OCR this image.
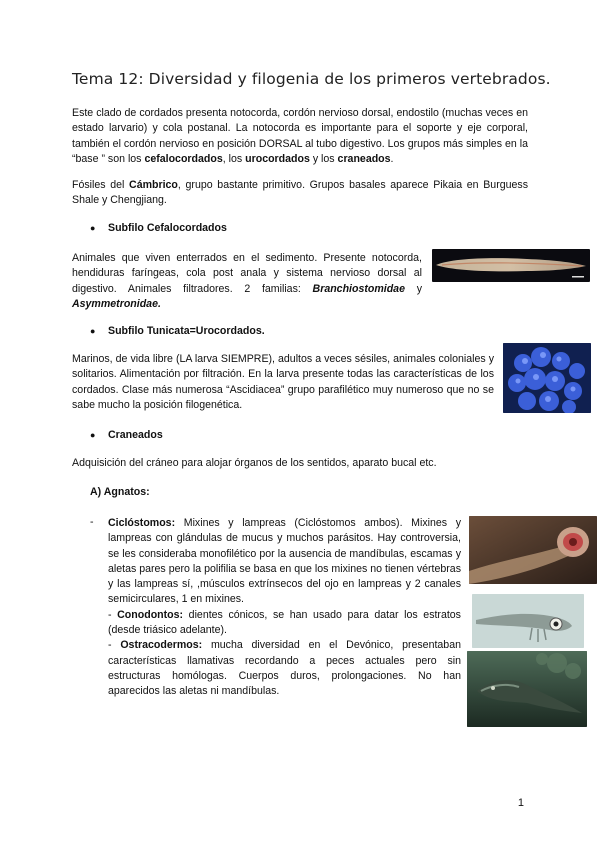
Tema 12: Diversidad y filogenia de los primeros vertebrados.

Este clado de cordados presenta notocorda, cordón nervioso dorsal, endostilo (muchas veces en estado larvario) y cola postanal. La notocorda es importante para el soporte y eje corporal, también el cordón nervioso en posición DORSAL al tubo digestivo. Los grupos más simples en la “base ” son los cefalocordados, los urocordados y los craneados.

Fósiles del Cámbrico, grupo bastante primitivo. Grupos basales aparece Pikaia en Burguess Shale y Chengjiang.

● Subfilo Cefalocordados

Animales que viven enterrados en el sedimento. Presente notocorda, hendiduras faríngeas, cola post anala y sistema nervioso dorsal al digestivo. Animales filtradores. 2 familias: Branchiostomidae y Asymmetronidae.

● Subfilo Tunicata=Urocordados.

Marinos, de vida libre (LA larva SIEMPRE), adultos a veces sésiles, animales coloniales y solitarios. Alimentación por filtración. En la larva presente todas las características de los cordados. Clase más numerosa “Ascidiacea” grupo parafilético muy numeroso que no se sabe mucho la posición filogenética.

● Craneados

Adquisición del cráneo para alojar órganos de los sentidos, aparato bucal etc.

A) Agnatos:
- Ciclóstomos: Mixines y lampreas (Ciclóstomos ambos). Mixines y lampreas con glándulas de mucus y muchos parásitos. Hay controversia, se les consideraba monofilético por la ausencia de mandíbulas, escamas y aletas pares pero la polifilia se basa en que los mixines no tienen vértebras y las lampreas sí, ,músculos extrínsecos del ojo en lampreas y 2 canales semicirculares, 1 en mixines.

- Conodontos: dientes cónicos, se han usado para datar los estratos (desde triásico adelante).

- Ostracodermos: mucha diversidad en el Devónico, presentaban características llamativas recordando a peces actuales pero sin estructuras homólogas. Cuerpos duros, prolongaciones. No han aparecidos las aletas ni mandíbulas.

1
